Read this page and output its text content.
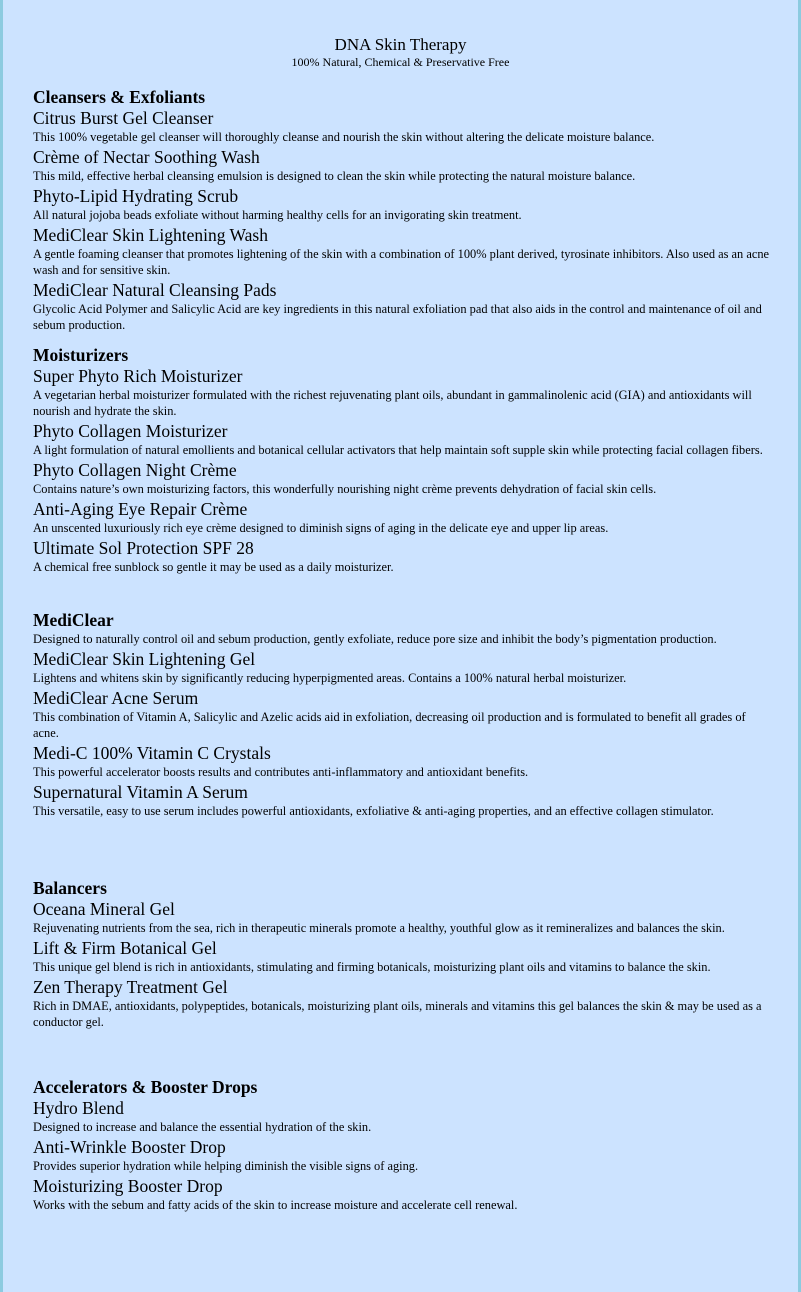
DNA Skin Therapy
100% Natural, Chemical & Preservative Free
Cleansers & Exfoliants
Citrus Burst Gel Cleanser
This 100% vegetable gel cleanser will thoroughly cleanse and nourish the skin without altering the delicate moisture balance.
Crème of Nectar Soothing Wash
This mild, effective herbal cleansing emulsion is designed to clean the skin while protecting the natural moisture balance.
Phyto-Lipid Hydrating Scrub
All natural jojoba beads exfoliate without harming healthy cells for an invigorating skin treatment.
MediClear Skin Lightening Wash
A gentle foaming cleanser that promotes lightening of the skin with a combination of 100% plant derived, tyrosinate inhibitors. Also used as an acne wash and for sensitive skin.
MediClear Natural Cleansing Pads
Glycolic Acid Polymer and Salicylic Acid are key ingredients in this natural exfoliation pad that also aids in the control and maintenance of oil and sebum production.
Moisturizers
Super Phyto Rich Moisturizer
A vegetarian herbal moisturizer formulated with the richest rejuvenating plant oils, abundant in gammalinolenic acid (GIA) and antioxidants will nourish and hydrate the skin.
Phyto Collagen Moisturizer
A light formulation of natural emollients and botanical cellular activators that help maintain soft supple skin while protecting facial collagen fibers.
Phyto Collagen Night Crème
Contains nature’s own moisturizing factors, this wonderfully nourishing night crème prevents dehydration of facial skin cells.
Anti-Aging Eye Repair Crème
An unscented luxuriously rich eye crème designed to diminish signs of aging in the delicate eye and upper lip areas.
Ultimate Sol Protection SPF 28
A chemical free sunblock so gentle it may be used as a daily moisturizer.
MediClear
Designed to naturally control oil and sebum production, gently exfoliate, reduce pore size and inhibit the body’s pigmentation production.
MediClear Skin Lightening Gel
Lightens and whitens skin by significantly reducing hyperpigmented areas. Contains a 100% natural herbal moisturizer.
MediClear Acne Serum
This combination of Vitamin A, Salicylic and Azelic acids aid in exfoliation, decreasing oil production and is formulated to benefit all grades of acne.
Medi-C 100% Vitamin C Crystals
This powerful accelerator boosts results and contributes anti-inflammatory and antioxidant benefits.
Supernatural Vitamin A Serum
This versatile, easy to use serum includes powerful antioxidants, exfoliative & anti-aging properties, and an effective collagen stimulator.
Balancers
Oceana Mineral Gel
Rejuvenating nutrients from the sea, rich in therapeutic minerals promote a healthy, youthful glow as it remineralizes and balances the skin.
Lift & Firm Botanical Gel
This unique gel blend is rich in antioxidants, stimulating and firming botanicals, moisturizing plant oils and vitamins to balance the skin.
Zen Therapy Treatment Gel
Rich in DMAE, antioxidants, polypeptides, botanicals, moisturizing plant oils, minerals and vitamins this gel balances the skin & may be used as a conductor gel.
Accelerators & Booster Drops
Hydro Blend
Designed to increase and balance the essential hydration of the skin.
Anti-Wrinkle Booster Drop
Provides superior hydration while helping diminish the visible signs of aging.
Moisturizing Booster Drop
Works with the sebum and fatty acids of the skin to increase moisture and accelerate cell renewal.
